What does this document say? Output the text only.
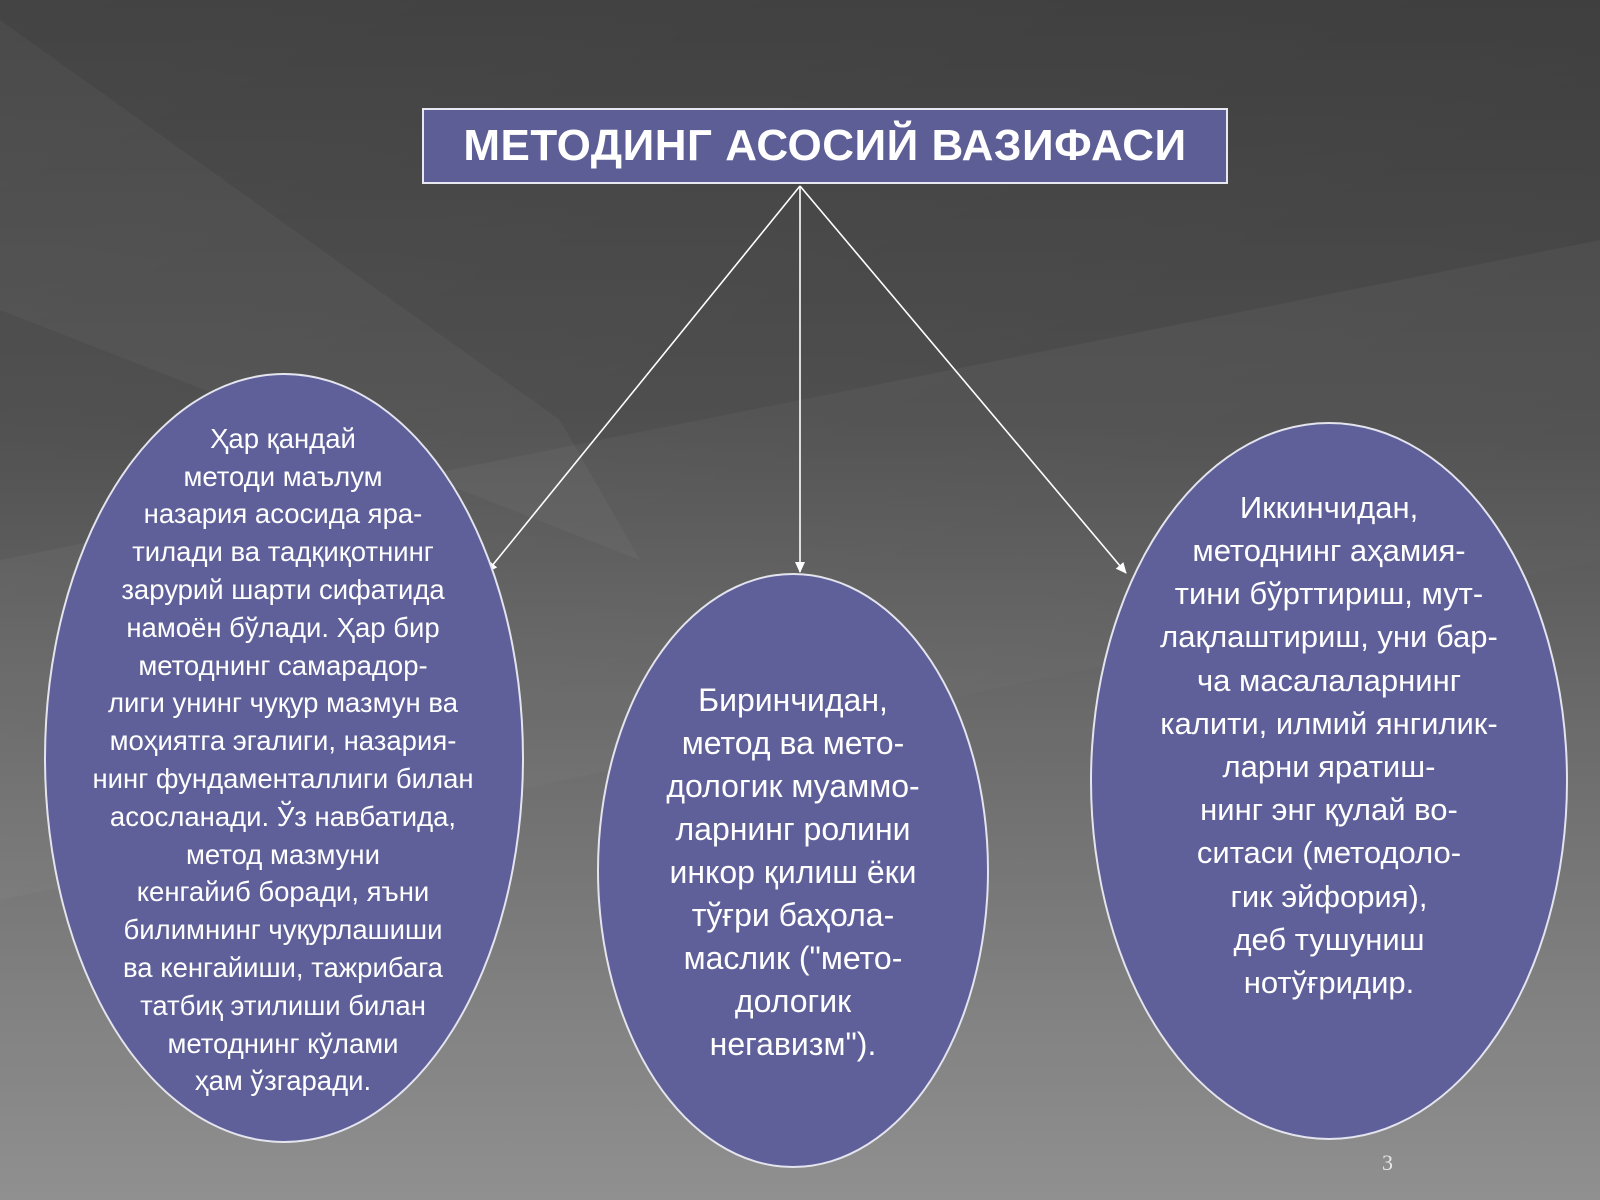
МЕТОДИНГ АСОСИЙ ВАЗИФАСИ
Ҳар қандай
методи маълум
назария асосида яра-
тилади ва тадқиқотнинг
зарурий шарти сифатида
намоён бўлади. Ҳар бир
методнинг самарадор-
лиги унинг чуқур мазмун ва
моҳиятга эгалиги, назария-
нинг фундаменталлиги билан
асосланади. Ўз навбатида,
метод мазмуни
кенгайиб боради, яъни
билимнинг чуқурлашиши
ва кенгайиши, тажрибага
татбиқ этилиши билан
методнинг кўлами
ҳам ўзгаради.
Биринчидан,
метод ва мето-
дологик муаммо-
ларнинг ролини
инкор қилиш ёки
тўғри баҳола-
маслик ("мето-
дологик
негавизм").
Иккинчидан,
методнинг аҳамия-
тини бўрттириш, мут-
лақлаштириш, уни бар-
ча масалаларнинг
калити, илмий янгилик-
ларни яратиш-
нинг энг қулай во-
ситаси (методоло-
гик эйфория),
деб тушуниш
нотўғридир.
3
